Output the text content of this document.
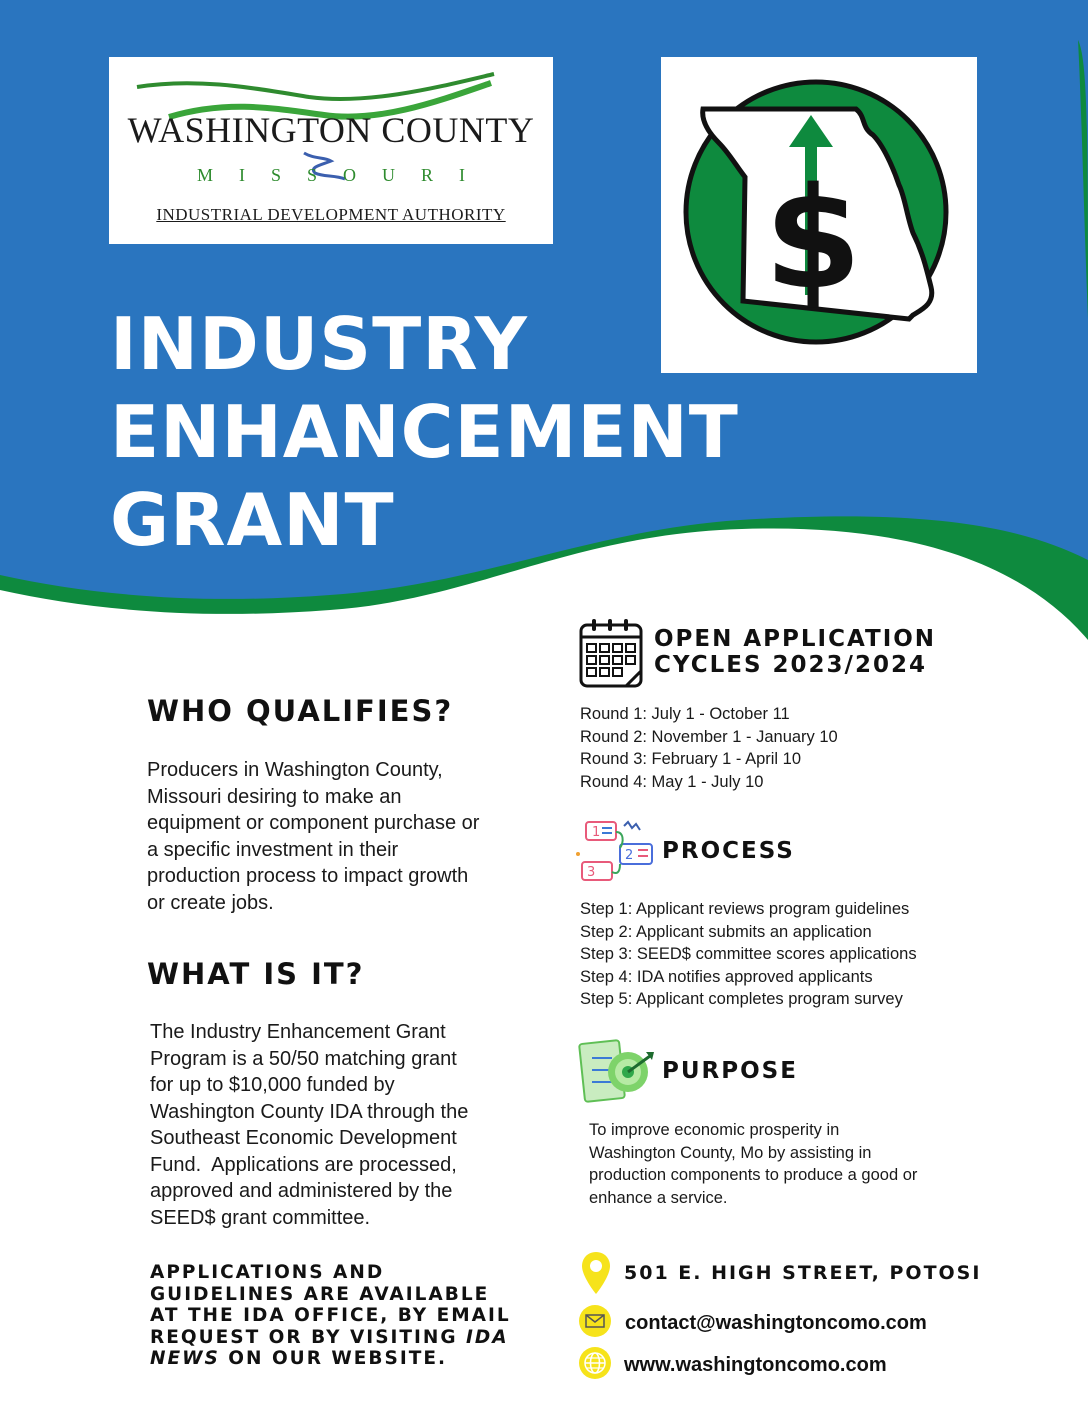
WASHINGTON COUNTY
MISSOURI
INDUSTRIAL DEVELOPMENT AUTHORITY	$
INDUSTRY
ENHANCEMENT
GRANT
WHO QUALIFIES?
Producers in Washington County,
Missouri desiring to make an
equipment or component purchase or
a specific investment in their
production process to impact growth
or create jobs.
WHAT IS IT?
The Industry Enhancement Grant
Program is a 50/50 matching grant
for up to $10,000 funded by
Washington County IDA through the
Southeast Economic Development
Fund.  Applications are processed,
approved and administered by the
SEED$ grant committee.
APPLICATIONS AND
GUIDELINES ARE AVAILABLE
AT THE IDA OFFICE, BY EMAIL
REQUEST OR BY VISITING IDA
NEWS ON OUR WEBSITE.
OPEN APPLICATION
CYCLES 2023/2024
Round 1: July 1 - October 11
Round 2: November 1 - January 10
Round 3: February 1 - April 10
Round 4: May 1 - July 10
1
2
3
PROCESS
Step 1: Applicant reviews program guidelines
Step 2: Applicant submits an application
Step 3: SEED$ committee scores applications
Step 4: IDA notifies approved applicants
Step 5: Applicant completes program survey
PURPOSE
To improve economic prosperity in
Washington County, Mo by assisting in
production components to produce a good or
enhance a service.
501 E. HIGH STREET, POTOSI
contact@washingtoncomo.com
www.washingtoncomo.com
